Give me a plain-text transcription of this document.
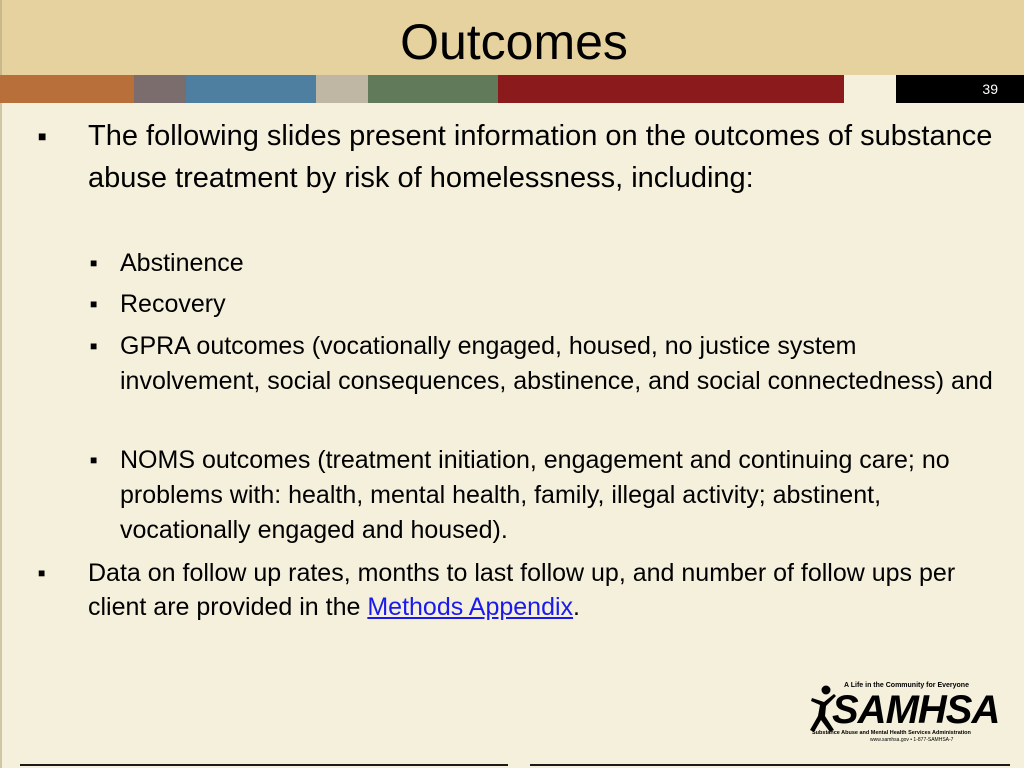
Outcomes
39
■ The following slides present information on the outcomes of substance abuse treatment by risk of homelessness, including:
■ Abstinence
■ Recovery
■ GPRA outcomes (vocationally engaged, housed, no justice system involvement, social consequences, abstinence, and social connectedness) and
■ NOMS outcomes (treatment initiation, engagement and continuing care; no problems with: health, mental health, family, illegal activity; abstinent, vocationally engaged and housed).
■ Data on follow up rates, months to last follow up, and number of follow ups per client are provided in the Methods Appendix.
A Life in the Community for Everyone
SAMHSA
Substance Abuse and Mental Health Services Administration
www.samhsa.gov • 1-877-SAMHSA-7
